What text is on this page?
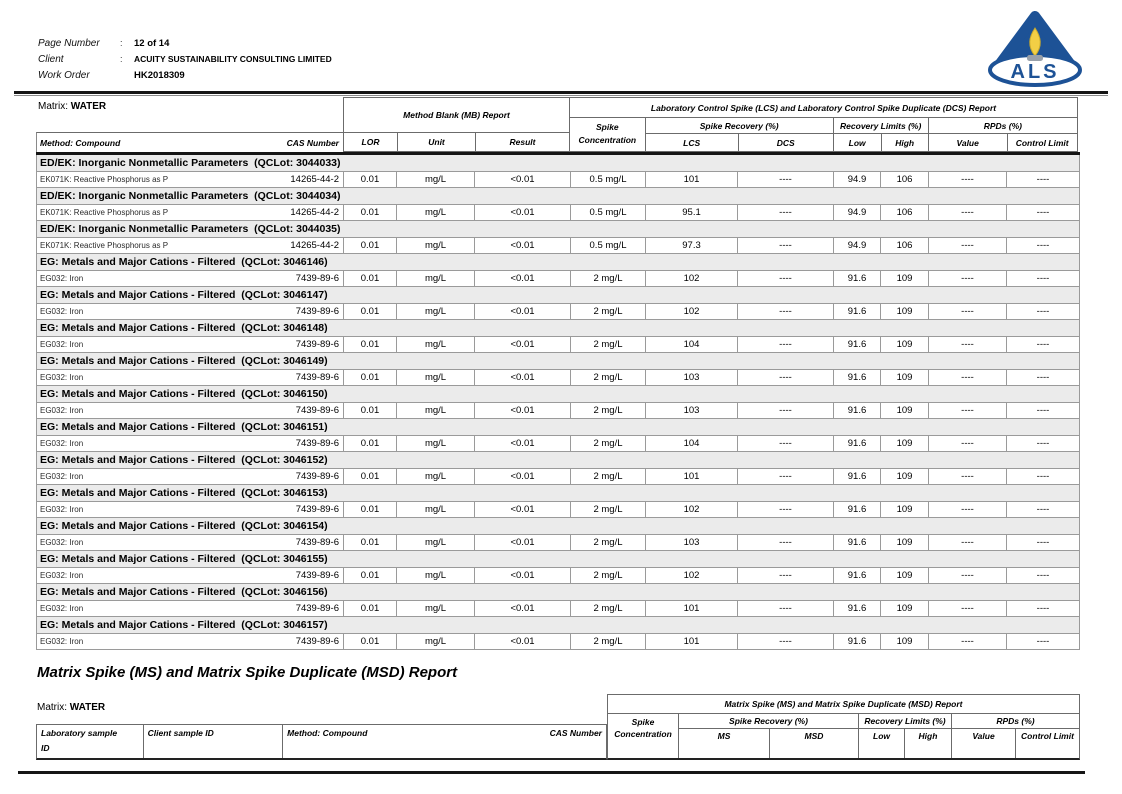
Page Number	:	12 of 14
Client	:	ACUITY SUSTAINABILITY CONSULTING LIMITED
Work Order	HK2018309	ALS
Matrix: WATER
Method: Compound	CAS Number
Method Blank (MB) Report
LOR	Unit	Result
Laboratory Control Spike (LCS) and Laboratory Control Spike Duplicate (DCS) Report
Spike
Concentration
Spike Recovery (%)
LCS	DCS
Recovery Limits (%)
Low	High
RPDs (%)
Value	Control Limit
ED/EK: Inorganic Nonmetallic Parameters  (QCLot: 3044033)
EK071K: Reactive Phosphorus as P	14265-44-2	0.01	mg/L	<0.01	0.5 mg/L	101	----	94.9	106	----	----
ED/EK: Inorganic Nonmetallic Parameters  (QCLot: 3044034)
EK071K: Reactive Phosphorus as P	14265-44-2	0.01	mg/L	<0.01	0.5 mg/L	95.1	----	94.9	106	----	----
ED/EK: Inorganic Nonmetallic Parameters  (QCLot: 3044035)
EK071K: Reactive Phosphorus as P	14265-44-2	0.01	mg/L	<0.01	0.5 mg/L	97.3	----	94.9	106	----	----
EG: Metals and Major Cations - Filtered  (QCLot: 3046146)
EG032: Iron	7439-89-6	0.01	mg/L	<0.01	2 mg/L	102	----	91.6	109	----	----
EG: Metals and Major Cations - Filtered  (QCLot: 3046147)
EG032: Iron	7439-89-6	0.01	mg/L	<0.01	2 mg/L	102	----	91.6	109	----	----
EG: Metals and Major Cations - Filtered  (QCLot: 3046148)
EG032: Iron	7439-89-6	0.01	mg/L	<0.01	2 mg/L	104	----	91.6	109	----	----
EG: Metals and Major Cations - Filtered  (QCLot: 3046149)
EG032: Iron	7439-89-6	0.01	mg/L	<0.01	2 mg/L	103	----	91.6	109	----	----
EG: Metals and Major Cations - Filtered  (QCLot: 3046150)
EG032: Iron	7439-89-6	0.01	mg/L	<0.01	2 mg/L	103	----	91.6	109	----	----
EG: Metals and Major Cations - Filtered  (QCLot: 3046151)
EG032: Iron	7439-89-6	0.01	mg/L	<0.01	2 mg/L	104	----	91.6	109	----	----
EG: Metals and Major Cations - Filtered  (QCLot: 3046152)
EG032: Iron	7439-89-6	0.01	mg/L	<0.01	2 mg/L	101	----	91.6	109	----	----
EG: Metals and Major Cations - Filtered  (QCLot: 3046153)
EG032: Iron	7439-89-6	0.01	mg/L	<0.01	2 mg/L	102	----	91.6	109	----	----
EG: Metals and Major Cations - Filtered  (QCLot: 3046154)
EG032: Iron	7439-89-6	0.01	mg/L	<0.01	2 mg/L	103	----	91.6	109	----	----
EG: Metals and Major Cations - Filtered  (QCLot: 3046155)
EG032: Iron	7439-89-6	0.01	mg/L	<0.01	2 mg/L	102	----	91.6	109	----	----
EG: Metals and Major Cations - Filtered  (QCLot: 3046156)
EG032: Iron	7439-89-6	0.01	mg/L	<0.01	2 mg/L	101	----	91.6	109	----	----
EG: Metals and Major Cations - Filtered  (QCLot: 3046157)
EG032: Iron	7439-89-6	0.01	mg/L	<0.01	2 mg/L	101	----	91.6	109	----	----
Matrix Spike (MS) and Matrix Spike Duplicate (MSD) Report
Matrix: WATER
Laboratory sample
ID
Client sample ID	Method: Compound	CAS Number
Matrix Spike (MS) and Matrix Spike Duplicate (MSD) Report
Spike
Concentration
Spike Recovery (%)
MS	MSD
Recovery Limits (%)
Low	High
RPDs (%)
Value	Control Limit
